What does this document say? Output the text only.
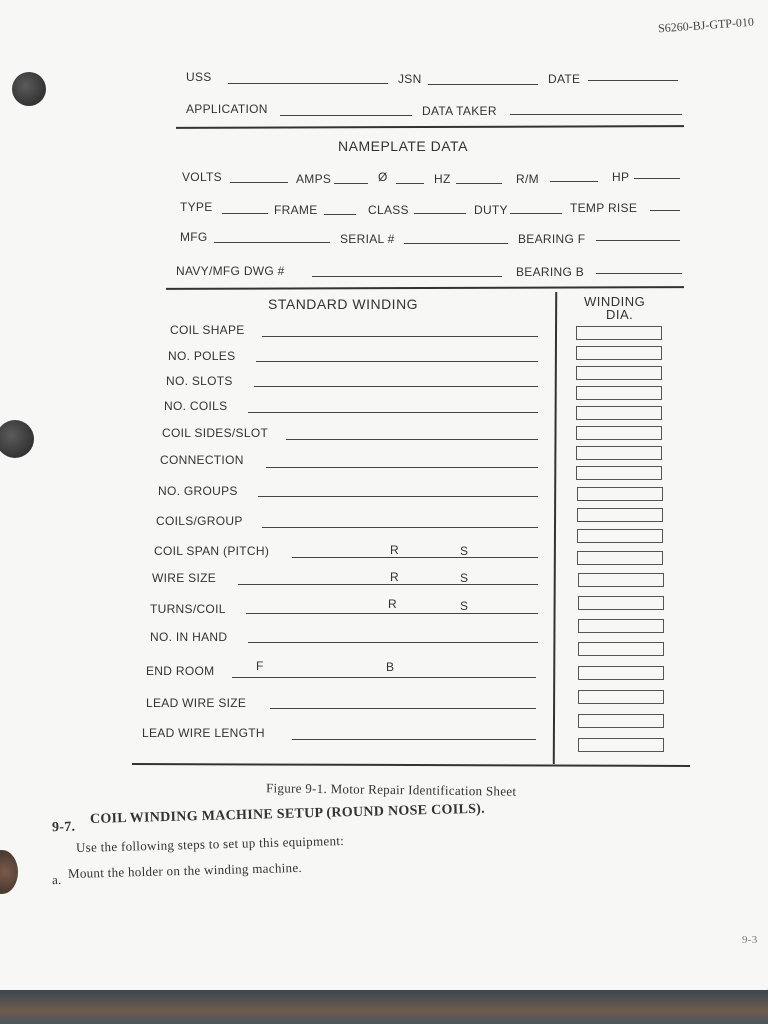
S6260-BJ-GTP-010
USS	JSN	DATE
APPLICATION	DATA TAKER
NAMEPLATE DATA
VOLTS	AMPS	Ø	HZ	R/M	HP
TYPE	FRAME	CLASS	DUTY	TEMP RISE
MFG	SERIAL #	BEARING F
NAVY/MFG DWG #	BEARING B
STANDARD WINDING	WINDING
DIA.
COIL SHAPE
NO. POLES
NO. SLOTS
NO. COILS
COIL SIDES/SLOT
CONNECTION
NO. GROUPS
COILS/GROUP
COIL SPAN (PITCH)	R	S
WIRE SIZE	R	S
TURNS/COIL	R	S
NO. IN HAND
END ROOM	F	B
LEAD WIRE SIZE
LEAD WIRE LENGTH
Figure 9-1. Motor Repair Identification Sheet
9-7.
COIL WINDING MACHINE SETUP (ROUND NOSE COILS).
Use the following steps to set up this equipment:
a. Mount the holder on the winding machine.
9-3
